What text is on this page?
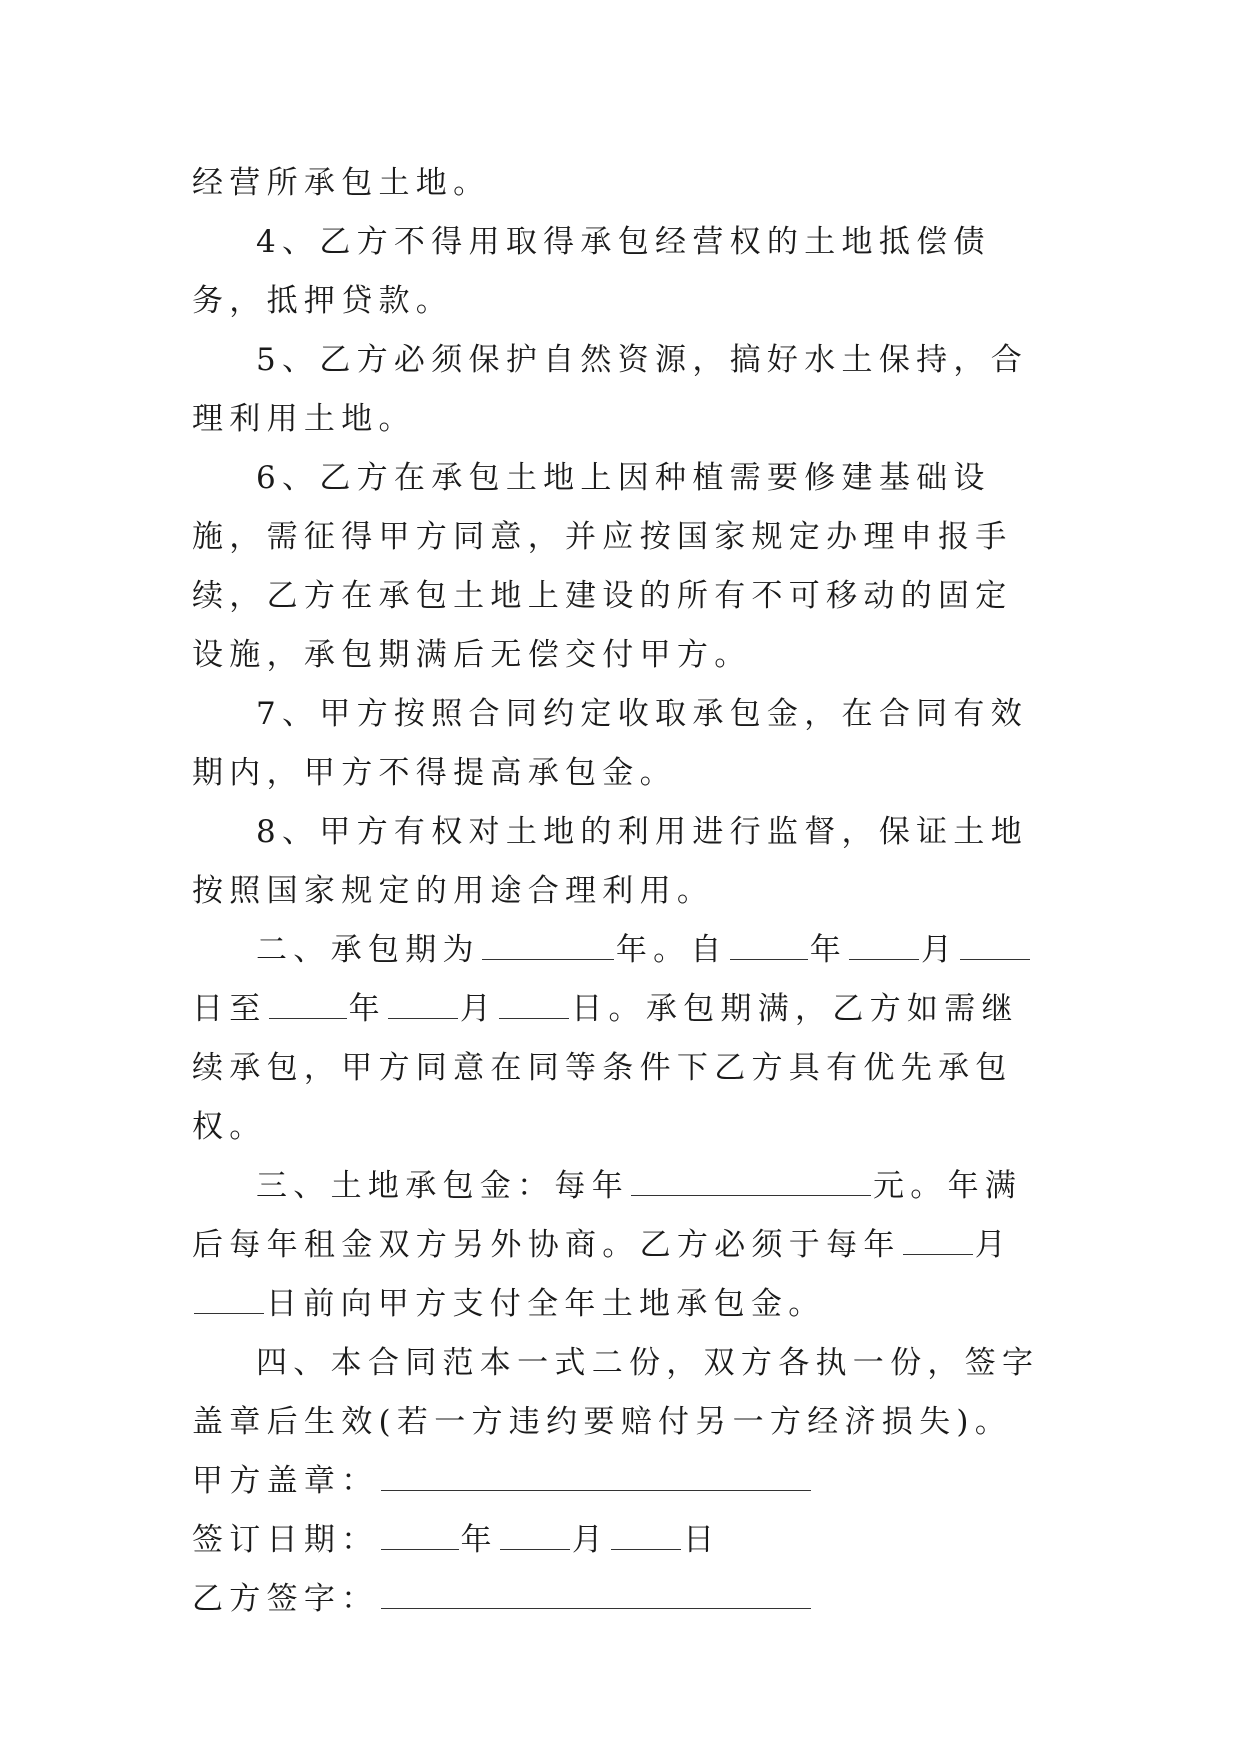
经营所承包土地。

4、乙方不得用取得承包经营权的土地抵偿债务，抵押贷款。

5、乙方必须保护自然资源，搞好水土保持，合理利用土地。

6、乙方在承包土地上因种植需要修建基础设施，需征得甲方同意，并应按国家规定办理申报手续，乙方在承包土地上建设的所有不可移动的固定设施，承包期满后无偿交付甲方。

7、甲方按照合同约定收取承包金，在合同有效期内，甲方不得提高承包金。

8、甲方有权对土地的利用进行监督，保证土地按照国家规定的用途合理利用。

二、承包期为	年。自	年 月日至	年 月 日。承包期满，乙方如需继续承包，甲方同意在同等条件下乙方具有优先承包权。

三、土地承包金：每年	元。年满后每年租金双方另外协商。乙方必须于每年 月日前向甲方支付全年土地承包金。

四、本合同范本一式二份，双方各执一份，签字盖章后生效(若一方违约要赔付另一方经济损失)。

甲方盖章：

签订日期：	年 月 日

乙方签字：
